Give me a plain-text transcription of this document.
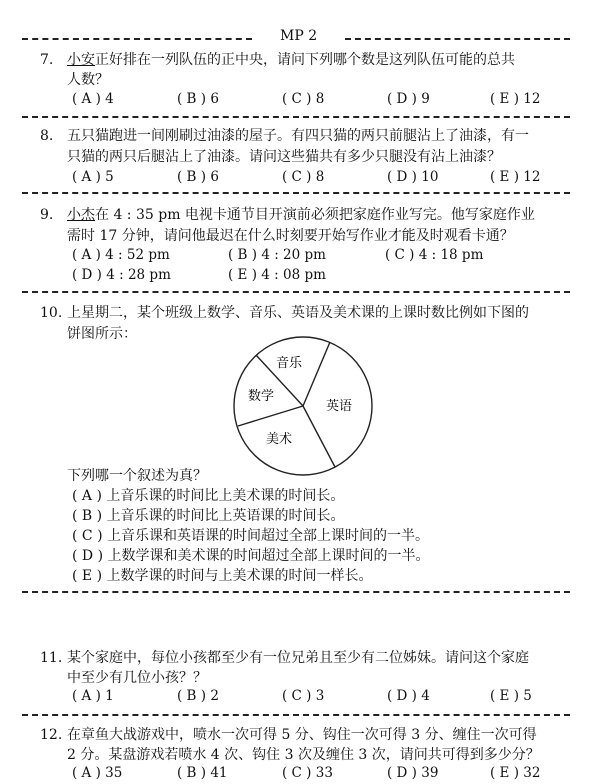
MP 2
7. 小安正好排在一列队伍的正中央，请问下列哪个数是这列队伍可能的总共
人数？
( A ) 4	( B ) 6	( C ) 8	( D ) 9	( E ) 12
8. 五只猫跑进一间刚刷过油漆的屋子。有四只猫的两只前腿沾上了油漆，有一
只猫的两只后腿沾上了油漆。请问这些猫共有多少只腿没有沾上油漆？
( A ) 5	( B ) 6	( C ) 8	( D ) 10	( E ) 12
9. 小杰在 4 : 35 pm 电视卡通节目开演前必须把家庭作业写完。他写家庭作业
需时 17 分钟，请问他最迟在什么时刻要开始写作业才能及时观看卡通？
( A ) 4 : 52 pm	( B ) 4 : 20 pm	( C ) 4 : 18 pm
( D ) 4 : 28 pm	( E ) 4 : 08 pm
10. 上星期二，某个班级上数学、音乐、英语及美术课的上课时数比例如下图的
饼图所示：
音乐
数学
英语
美术
下列哪一个叙述为真？
( A ) 上音乐课的时间比上美术课的时间长。
( B ) 上音乐课的时间比上英语课的时间长。
( C ) 上音乐课和英语课的时间超过全部上课时间的一半。
( D ) 上数学课和美术课的时间超过全部上课时间的一半。
( E ) 上数学课的时间与上美术课的时间一样长。
11. 某个家庭中，每位小孩都至少有一位兄弟且至少有二位姊妹。请问这个家庭
中至少有几位小孩？？
( A ) 1	( B ) 2	( C ) 3	( D ) 4	( E ) 5
12. 在章鱼大战游戏中，喷水一次可得 5 分、钩住一次可得 3 分、缠住一次可得
2 分。某盘游戏若喷水 4 次、钩住 3 次及缠住 3 次，请问共可得到多少分？
( A ) 35	( B ) 41	( C ) 33	( D ) 39	( E ) 32
